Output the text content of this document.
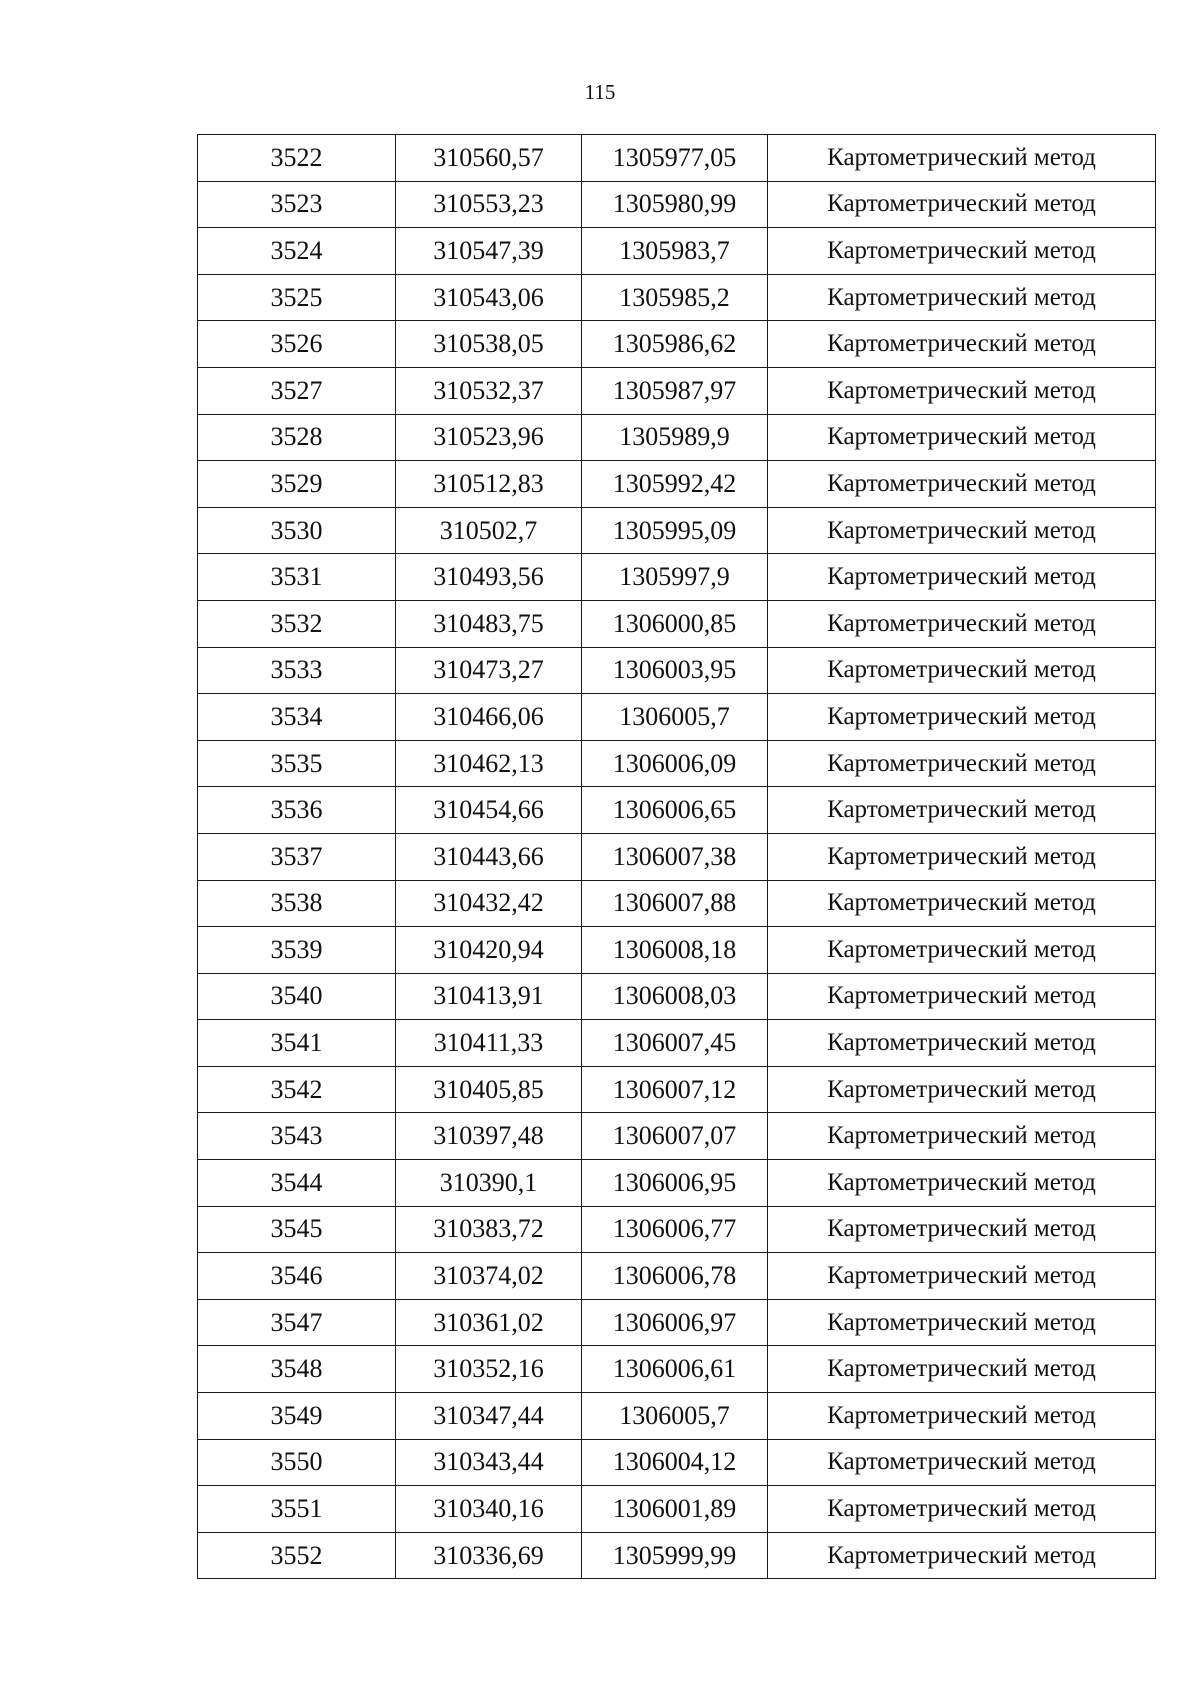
115
3522	310560,57	1305977,05	Картометрический метод
3523	310553,23	1305980,99	Картометрический метод
3524	310547,39	1305983,7	Картометрический метод
3525	310543,06	1305985,2	Картометрический метод
3526	310538,05	1305986,62	Картометрический метод
3527	310532,37	1305987,97	Картометрический метод
3528	310523,96	1305989,9	Картометрический метод
3529	310512,83	1305992,42	Картометрический метод
3530	310502,7	1305995,09	Картометрический метод
3531	310493,56	1305997,9	Картометрический метод
3532	310483,75	1306000,85	Картометрический метод
3533	310473,27	1306003,95	Картометрический метод
3534	310466,06	1306005,7	Картометрический метод
3535	310462,13	1306006,09	Картометрический метод
3536	310454,66	1306006,65	Картометрический метод
3537	310443,66	1306007,38	Картометрический метод
3538	310432,42	1306007,88	Картометрический метод
3539	310420,94	1306008,18	Картометрический метод
3540	310413,91	1306008,03	Картометрический метод
3541	310411,33	1306007,45	Картометрический метод
3542	310405,85	1306007,12	Картометрический метод
3543	310397,48	1306007,07	Картометрический метод
3544	310390,1	1306006,95	Картометрический метод
3545	310383,72	1306006,77	Картометрический метод
3546	310374,02	1306006,78	Картометрический метод
3547	310361,02	1306006,97	Картометрический метод
3548	310352,16	1306006,61	Картометрический метод
3549	310347,44	1306005,7	Картометрический метод
3550	310343,44	1306004,12	Картометрический метод
3551	310340,16	1306001,89	Картометрический метод
3552	310336,69	1305999,99	Картометрический метод
